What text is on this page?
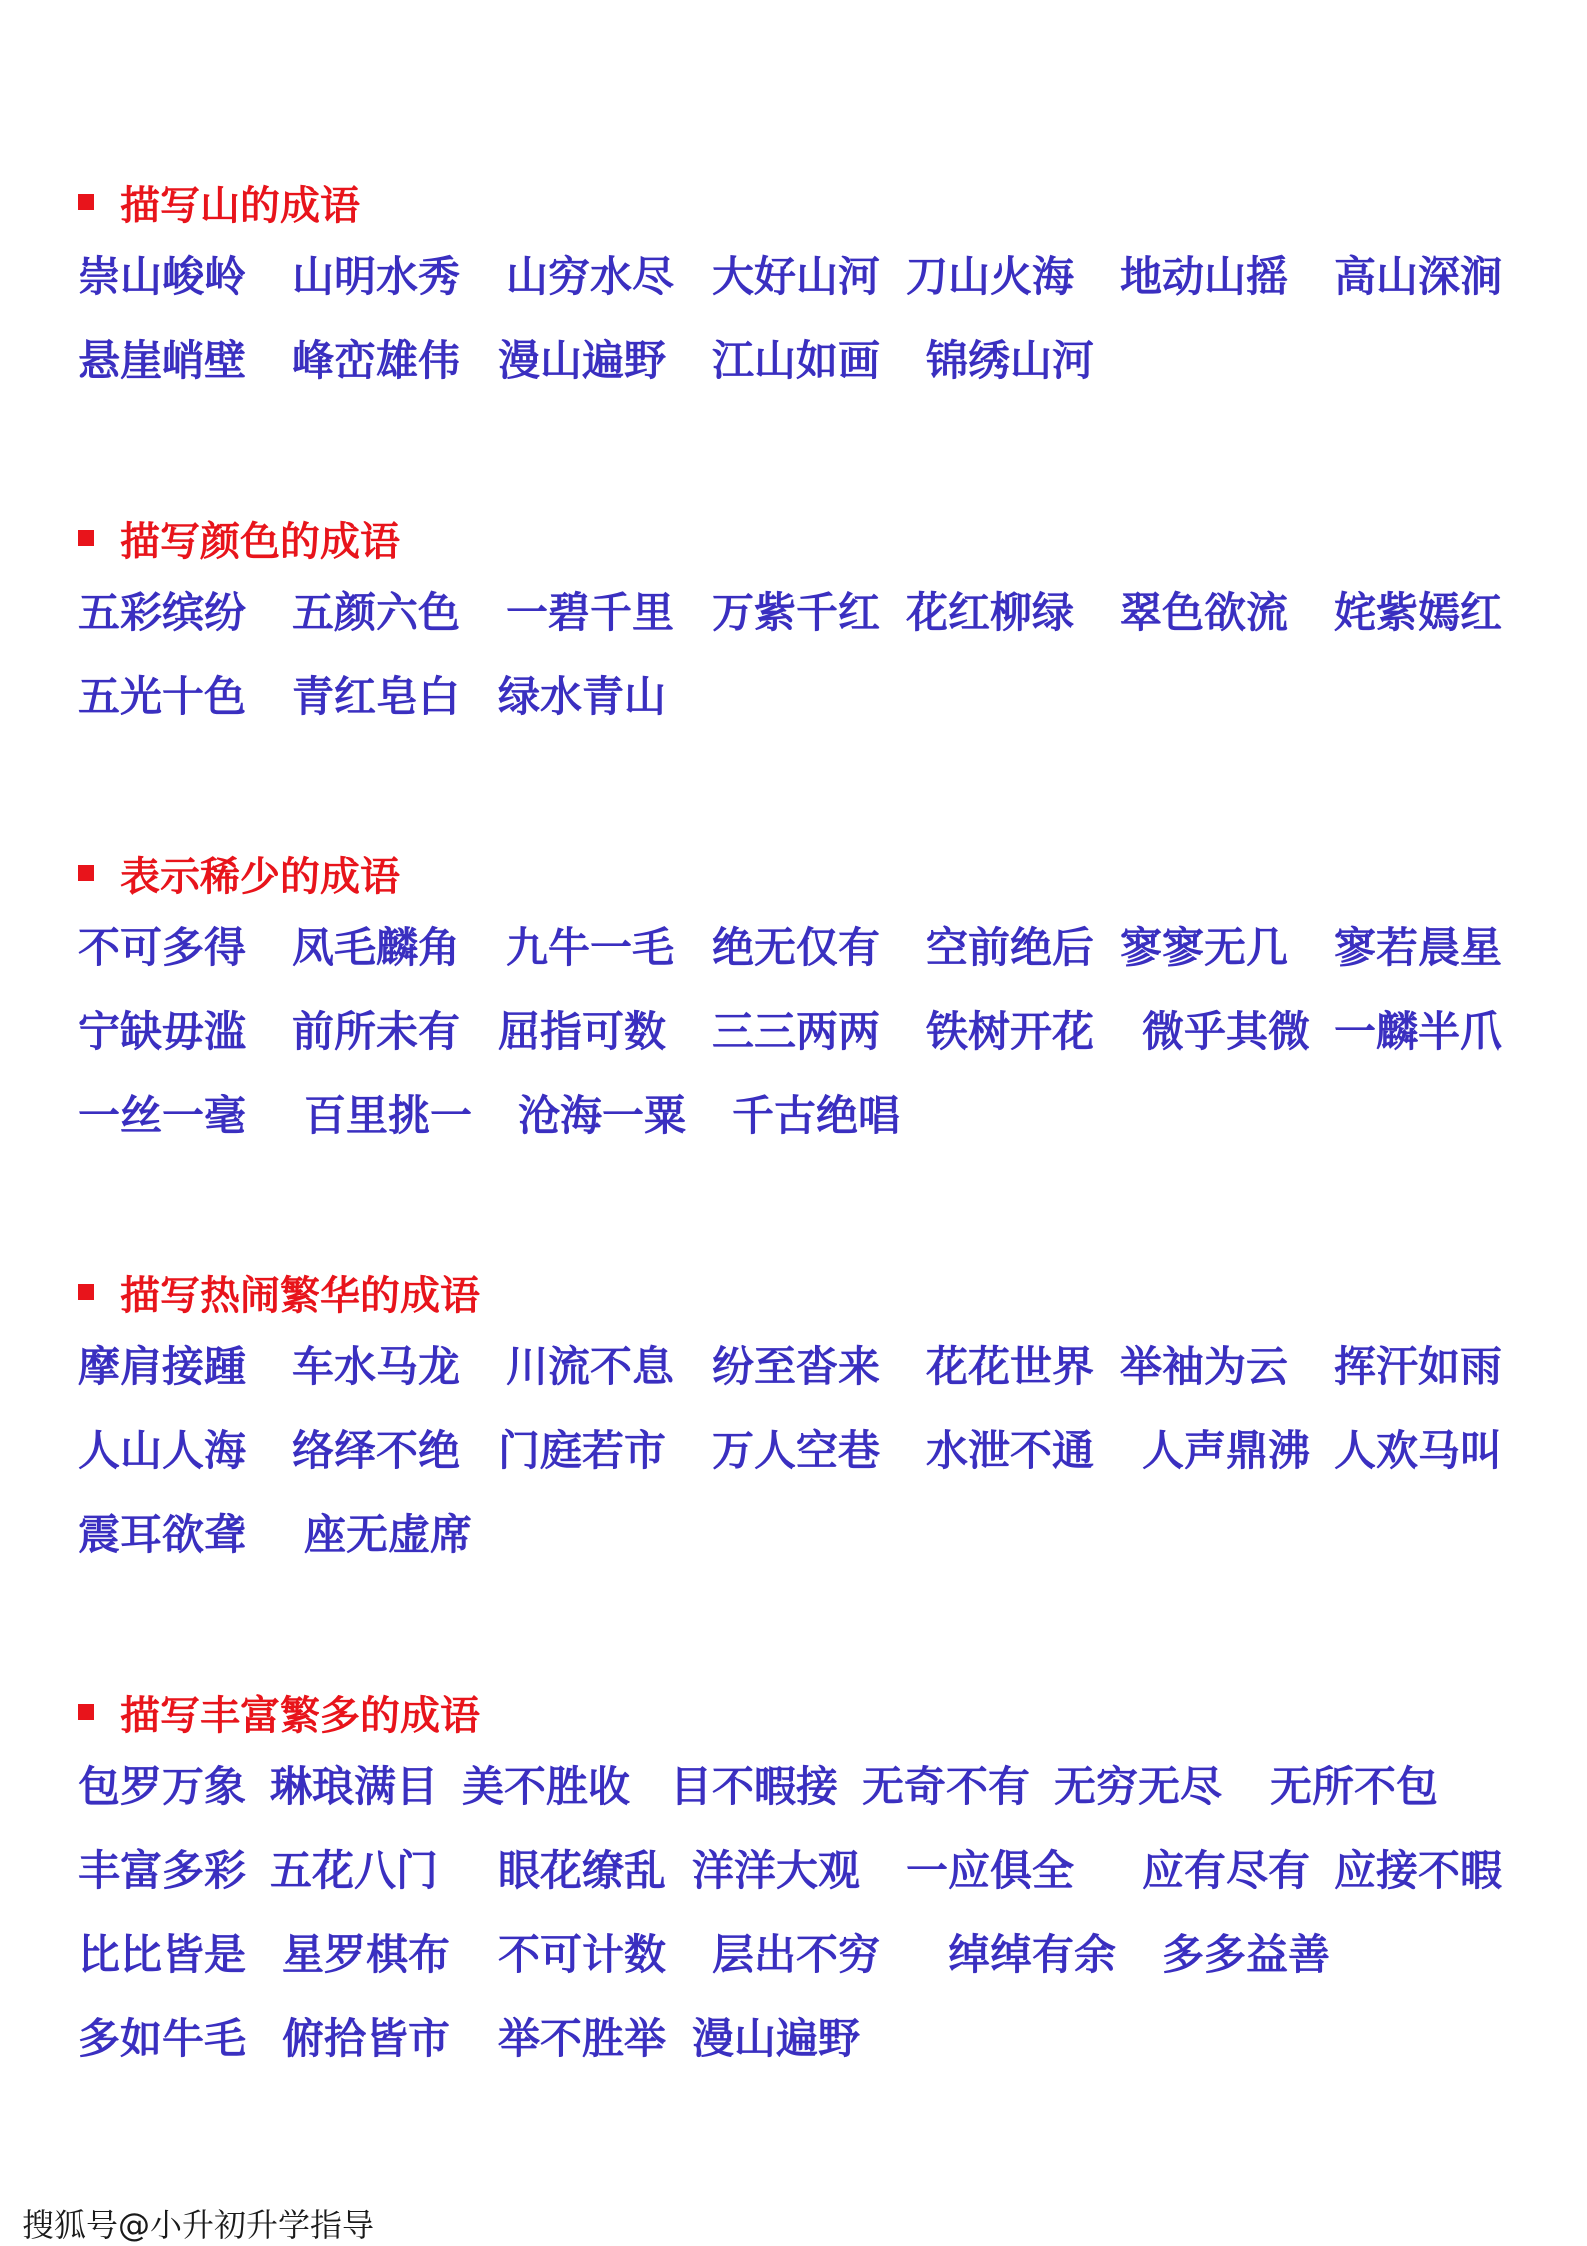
描写山的成语
崇山峻岭 山明水秀 山穷水尽 大好山河 刀山火海 地动山摇 高山深涧
悬崖峭壁 峰峦雄伟 漫山遍野 江山如画 锦绣山河
描写颜色的成语
五彩缤纷 五颜六色 一碧千里 万紫千红 花红柳绿 翠色欲流 姹紫嫣红
五光十色 青红皂白 绿水青山
表示稀少的成语
不可多得 凤毛麟角 九牛一毛 绝无仅有 空前绝后 寥寥无几 寥若晨星
宁缺毋滥 前所未有 屈指可数 三三两两 铁树开花 微乎其微 一麟半爪
一丝一毫 百里挑一 沧海一粟 千古绝唱
描写热闹繁华的成语
摩肩接踵 车水马龙 川流不息 纷至沓来 花花世界 举袖为云 挥汗如雨
人山人海 络绎不绝 门庭若市 万人空巷 水泄不通 人声鼎沸 人欢马叫
震耳欲聋 座无虚席
描写丰富繁多的成语
包罗万象 琳琅满目 美不胜收 目不暇接 无奇不有 无穷无尽 无所不包
丰富多彩 五花八门 眼花缭乱 洋洋大观 一应俱全 应有尽有 应接不暇
比比皆是 星罗棋布 不可计数 层出不穷 绰绰有余 多多益善
多如牛毛 俯拾皆市 举不胜举 漫山遍野
搜狐号@小升初升学指导
